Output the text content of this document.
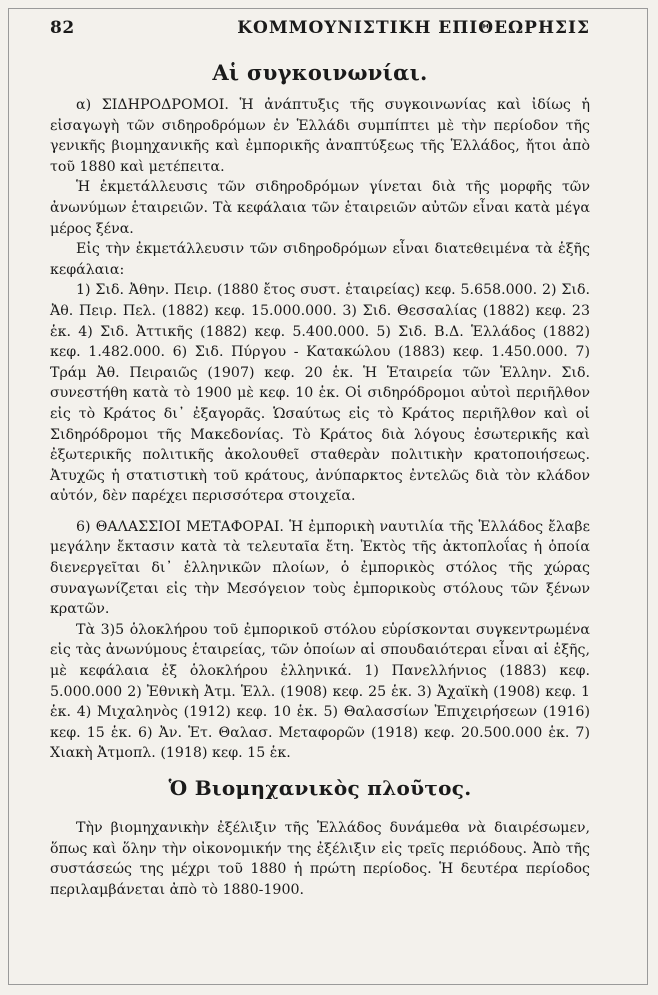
82	ΚΟΜΜΟΥΝΙΣΤΙΚΗ ΕΠΙΘΕΩΡΗΣΙΣ
Αἱ συγκοινωνίαι.

α) ΣΙΔΗΡΟΔΡΟΜΟΙ. Ἡ ἀνάπτυξις τῆς συγκοινωνίας καὶ ἰδίως ἡ εἰσαγωγὴ τῶν σιδηροδρόμων ἐν Ἑλλάδι συμπίπτει μὲ τὴν περίοδον τῆς γενικῆς βιομηχανικῆς καὶ ἐμπορικῆς ἀναπτύξεως τῆς Ἑλλάδος, ἤτοι ἀπὸ τοῦ 1880 καὶ μετέπειτα.

Ἡ ἐκμετάλλευσις τῶν σιδηροδρόμων γίνεται διὰ τῆς μορφῆς τῶν ἀνωνύμων ἑταιρειῶν. Τὰ κεφάλαια τῶν ἑταιρειῶν αὐτῶν εἶναι κατὰ μέγα μέρος ξένα.

Εἰς τὴν ἐκμετάλλευσιν τῶν σιδηροδρόμων εἶναι διατεθειμένα τὰ ἑξῆς κεφάλαια:

1) Σιδ. Ἀθην. Πειρ. (1880 ἔτος συστ. ἑταιρείας) κεφ. 5.658.000. 2) Σιδ. Ἀθ. Πειρ. Πελ. (1882) κεφ. 15.000.000. 3) Σιδ. Θεσσαλίας (1882) κεφ. 23 ἑκ. 4) Σιδ. Ἀττικῆς (1882) κεφ. 5.400.000. 5) Σιδ. Β.Δ. Ἑλλάδος (1882) κεφ. 1.482.000. 6) Σιδ. Πύργου - Κατακώλου (1883) κεφ. 1.450.000. 7) Τράμ Ἀθ. Πειραιῶς (1907) κεφ. 20 ἑκ. Ἡ Ἑταιρεία τῶν Ἑλλην. Σιδ. συνεστήθη κατὰ τὸ 1900 μὲ κεφ. 10 ἑκ. Οἱ σιδηρόδρομοι αὐτοὶ περιῆλθον εἰς τὸ Κράτος δι᾽ ἐξαγορᾶς. Ὡσαύτως εἰς τὸ Κράτος περιῆλθον καὶ οἱ Σιδηρόδρομοι τῆς Μακεδονίας. Τὸ Κράτος διὰ λόγους ἐσωτερικῆς καὶ ἐξωτερικῆς πολιτικῆς ἀκολουθεῖ σταθερὰν πολιτικὴν κρατοποιήσεως. Ἀτυχῶς ἡ στατιστικὴ τοῦ κράτους, ἀνύπαρκτος ἐντελῶς διὰ τὸν κλάδον αὐτόν, δὲν παρέχει περισσότερα στοιχεῖα.

6) ΘΑΛΑΣΣΙΟΙ ΜΕΤΑΦΟΡΑΙ. Ἡ ἐμπορικὴ ναυτιλία τῆς Ἑλλάδος ἔλαβε μεγάλην ἔκτασιν κατὰ τὰ τελευταῖα ἔτη. Ἐκτὸς τῆς ἀκτοπλοΐας ἡ ὁποία διενεργεῖται δι᾽ ἑλληνικῶν πλοίων, ὁ ἐμπορικὸς στόλος τῆς χώρας συναγωνίζεται εἰς τὴν Μεσόγειον τοὺς ἐμπορικοὺς στόλους τῶν ξένων κρατῶν.

Τὰ 3)5 ὁλοκλήρου τοῦ ἐμπορικοῦ στόλου εὑρίσκονται συγκεντρωμένα εἰς τὰς ἀνωνύμους ἑταιρείας, τῶν ὁποίων αἱ σπουδαιότεραι εἶναι αἱ ἑξῆς, μὲ κεφάλαια ἐξ ὁλοκλήρου ἑλληνικά. 1) Πανελλήνιος (1883) κεφ. 5.000.000 2) Ἐθνικὴ Ἀτμ. Ἑλλ. (1908) κεφ. 25 ἑκ. 3) Ἀχαϊκὴ (1908) κεφ. 1 ἑκ. 4) Μιχαληνὸς (1912) κεφ. 10 ἑκ. 5) Θαλασσίων Ἐπιχειρήσεων (1916) κεφ. 15 ἑκ. 6) Ἀν. Ἑτ. Θαλασ. Μεταφορῶν (1918) κεφ. 20.500.000 ἑκ. 7) Χιακὴ Ἀτμοπλ. (1918) κεφ. 15 ἑκ.

Ὁ Βιομηχανικὸς πλοῦτος.

Τὴν βιομηχανικὴν ἐξέλιξιν τῆς Ἑλλάδος δυνάμεθα νὰ διαιρέσωμεν, ὅπως καὶ ὅλην τὴν οἰκονομικήν της ἐξέλιξιν εἰς τρεῖς περιόδους. Ἀπὸ τῆς συστάσεώς της μέχρι τοῦ 1880 ἡ πρώτη περίοδος. Ἡ δευτέρα περίοδος περιλαμβάνεται ἀπὸ τὸ 1880-1900.
